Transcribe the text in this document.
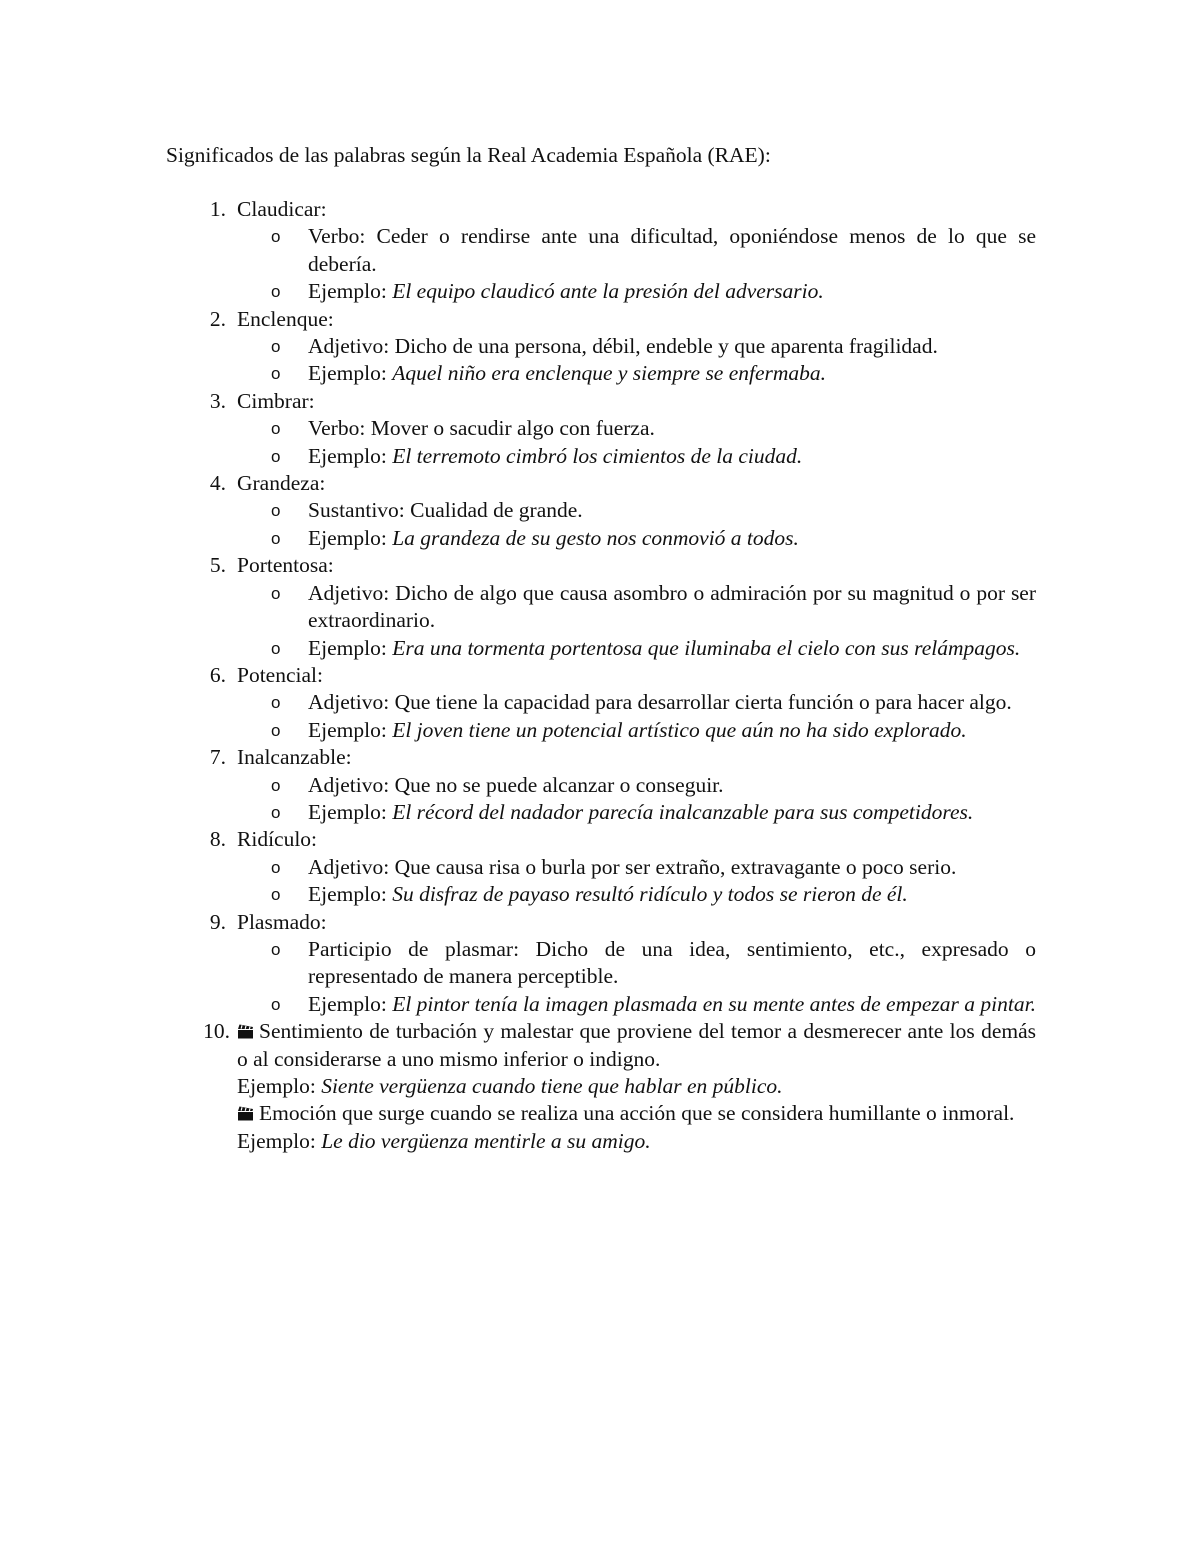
Significados de las palabras según la Real Academia Española (RAE):
1. Claudicar:
o Verbo: Ceder o rendirse ante una dificultad, oponiéndose menos de lo que se debería.
o Ejemplo: El equipo claudicó ante la presión del adversario.
2. Enclenque:
o Adjetivo: Dicho de una persona, débil, endeble y que aparenta fragilidad.
o Ejemplo: Aquel niño era enclenque y siempre se enfermaba.
3. Cimbrar:
o Verbo: Mover o sacudir algo con fuerza.
o Ejemplo: El terremoto cimbró los cimientos de la ciudad.
4. Grandeza:
o Sustantivo: Cualidad de grande.
o Ejemplo: La grandeza de su gesto nos conmovió a todos.
5. Portentosa:
o Adjetivo: Dicho de algo que causa asombro o admiración por su magnitud o por ser extraordinario.
o Ejemplo: Era una tormenta portentosa que iluminaba el cielo con sus relámpagos.
6. Potencial:
o Adjetivo: Que tiene la capacidad para desarrollar cierta función o para hacer algo.
o Ejemplo: El joven tiene un potencial artístico que aún no ha sido explorado.
7. Inalcanzable:
o Adjetivo: Que no se puede alcanzar o conseguir.
o Ejemplo: El récord del nadador parecía inalcanzable para sus competidores.
8. Ridículo:
o Adjetivo: Que causa risa o burla por ser extraño, extravagante o poco serio.
o Ejemplo: Su disfraz de payaso resultó ridículo y todos se rieron de él.
9. Plasmado:
o Participio de plasmar: Dicho de una idea, sentimiento, etc., expresado o representado de manera perceptible.
o Ejemplo: El pintor tenía la imagen plasmada en su mente antes de empezar a pintar.
10.	Sentimiento de turbación y malestar que proviene del temor a desmerecer ante los demás o al considerarse a uno mismo inferior o indigno.
Ejemplo: Siente vergüenza cuando tiene que hablar en público.
Emoción que surge cuando se realiza una acción que se considera humillante o inmoral.
Ejemplo: Le dio vergüenza mentirle a su amigo.
